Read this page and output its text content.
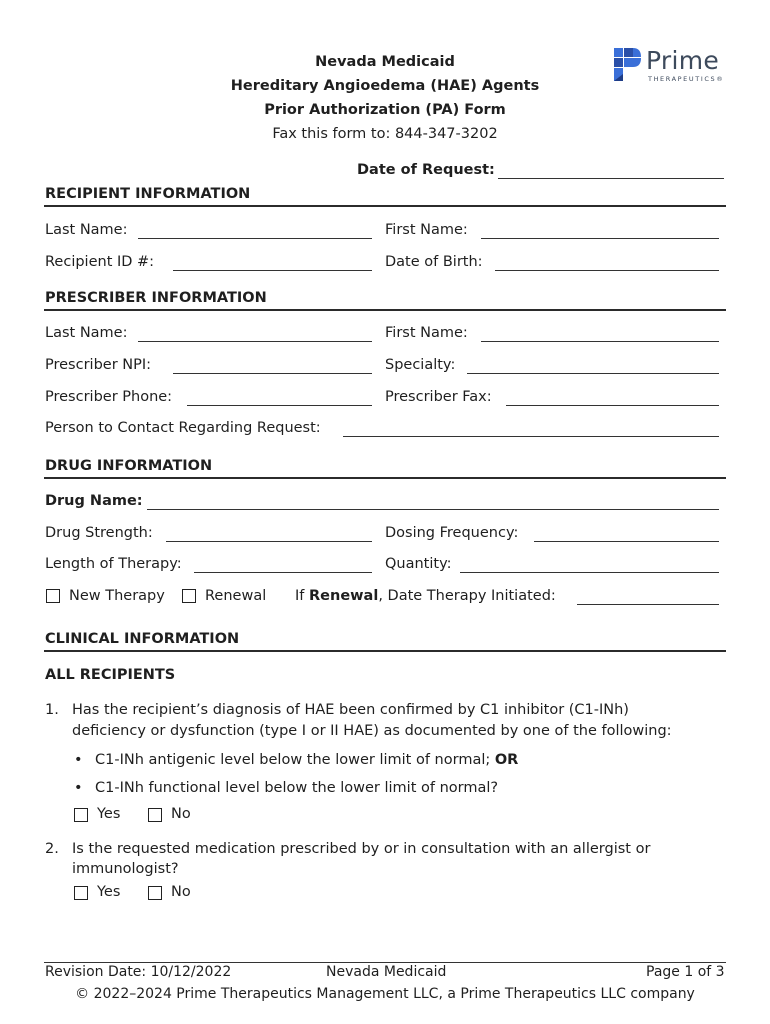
Nevada Medicaid
Hereditary Angioedema (HAE) Agents
Prior Authorization (PA) Form
Fax this form to: 844-347-3202
Prime
THERAPEUTICS®
Date of Request:
RECIPIENT INFORMATION
Last Name:	First Name:
Recipient ID #:	Date of Birth:
PRESCRIBER INFORMATION
Last Name:	First Name:
Prescriber NPI:	Specialty:
Prescriber Phone:	Prescriber Fax:
Person to Contact Regarding Request:
DRUG INFORMATION
Drug Name:
Drug Strength:	Dosing Frequency:
Length of Therapy:	Quantity:
New Therapy	Renewal If Renewal, Date Therapy Initiated:
CLINICAL INFORMATION
ALL RECIPIENTS
1. Has the recipient’s diagnosis of HAE been confirmed by C1 inhibitor (C1-INh)
deficiency or dysfunction (type I or II HAE) as documented by one of the following:
• C1-INh antigenic level below the lower limit of normal; OR
• C1-INh functional level below the lower limit of normal?
Yes	No
2. Is the requested medication prescribed by or in consultation with an allergist or
immunologist?
Yes	No
Revision Date: 10/12/2022	Nevada Medicaid	Page 1 of 3
© 2022–2024 Prime Therapeutics Management LLC, a Prime Therapeutics LLC company
